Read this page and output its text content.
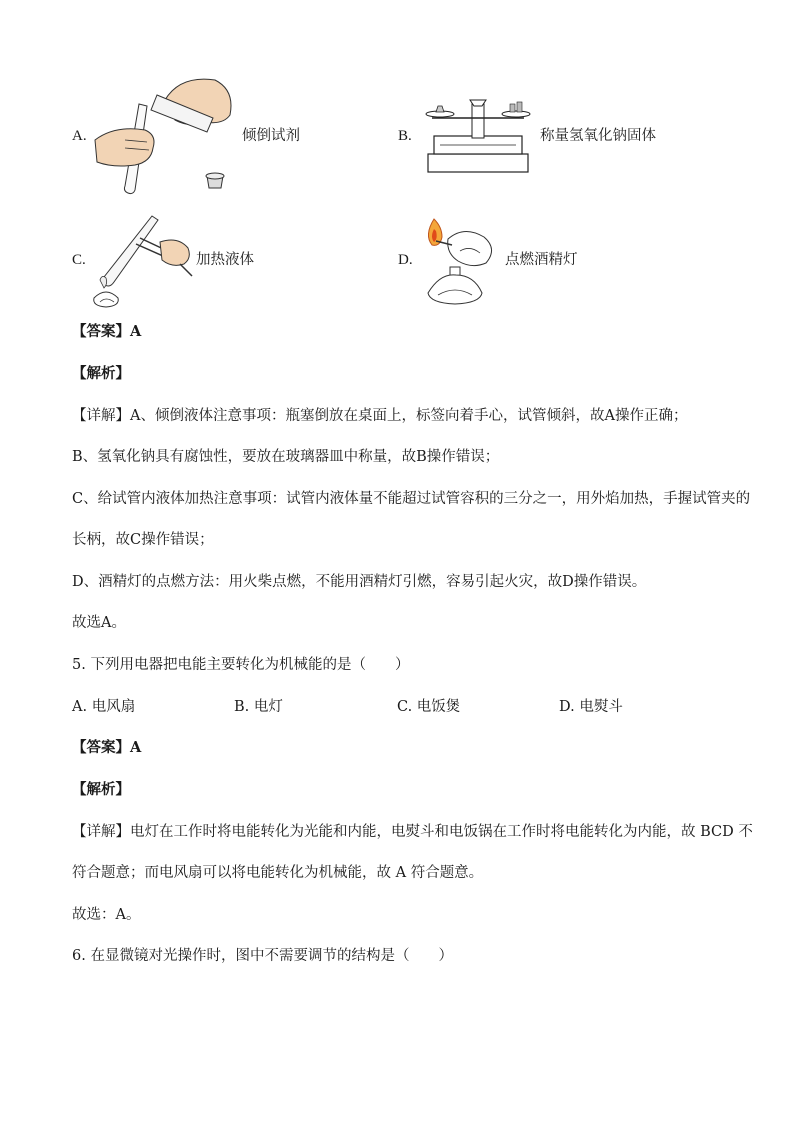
A.	倾倒试剂	B.	称量氢氧化钠固体
C.	加热液体	D.	点燃酒精灯
【答案】A
【解析】
【详解】A、倾倒液体注意事项：瓶塞倒放在桌面上，标签向着手心，试管倾斜，故A操作正确；
B、氢氧化钠具有腐蚀性，要放在玻璃器皿中称量，故B操作错误；
C、给试管内液体加热注意事项：试管内液体量不能超过试管容积的三分之一，用外焰加热，手握试管夹的
长柄，故C操作错误；
D、酒精灯的点燃方法：用火柴点燃，不能用酒精灯引燃，容易引起火灾，故D操作错误。
故选A。
5. 下列用电器把电能主要转化为机械能的是（　　）
A. 电风扇	B. 电灯	C. 电饭煲	D. 电熨斗
【答案】A
【解析】
【详解】电灯在工作时将电能转化为光能和内能，电熨斗和电饭锅在工作时将电能转化为内能，故 BCD 不
符合题意；而电风扇可以将电能转化为机械能，故 A 符合题意。
故选：A。
6. 在显微镜对光操作时，图中不需要调节的结构是（　　）
